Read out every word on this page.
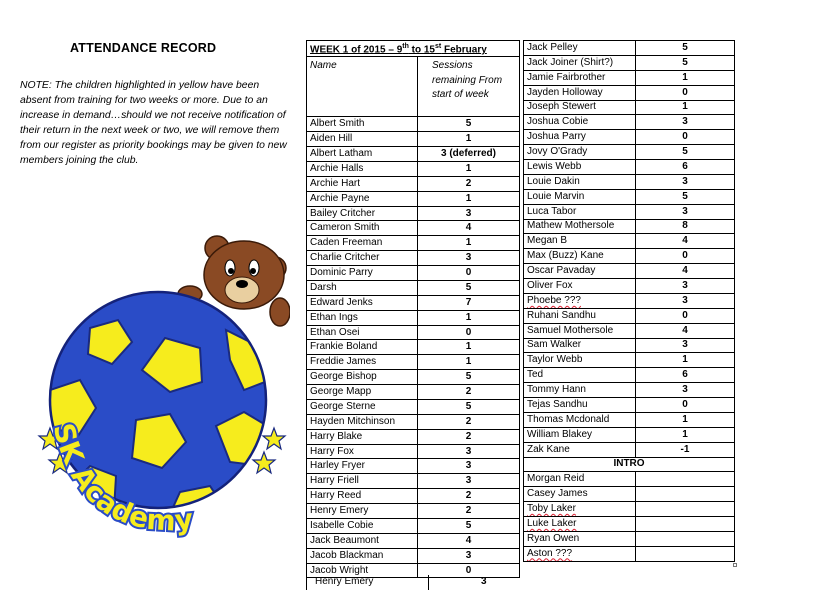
ATTENDANCE RECORD
NOTE: The children highlighted in yellow have been absent from training for two weeks or more. Due to an increase in demand…should we not receive notification of their return in the next week or two, we will remove them from our register as priority bookings may be given to new members joining the club.
SK Academy
WEEK 1 of 2015 – 9th to 15st February	
Name	Sessions remaining From start of week
Albert Smith	5
Aiden Hill	1
Albert Latham	3 (deferred)
Archie Halls	1
Archie Hart	2
Archie Payne	1
Bailey Critcher	3
Cameron Smith	4
Caden Freeman	1
Charlie Critcher	3
Dominic Parry	0
Darsh	5
Edward Jenks	7
Ethan Ings	1
Ethan Osei	0
Frankie Boland	1
Freddie James	1
George Bishop	5
George Mapp	2
George Sterne	5
Hayden Mitchinson	2
Harry Blake	2
Harry Fox	3
Harley Fryer	3
Harry Friell	3
Harry Reed	2
Henry Emery	2
Isabelle Cobie	5
Jack Beaumont	4
Jacob Blackman	3
Jacob Wright	0
Henry Emery	3
Jack Pelley	5
Jack Joiner (Shirt?)	5
Jamie Fairbrother	1
Jayden Holloway	0
Joseph Stewert	1
Joshua Cobie	3
Joshua Parry	0
Jovy O'Grady	5
Lewis Webb	6
Louie Dakin	3
Louie Marvin	5
Luca Tabor	3
Mathew Mothersole	8
Megan B	4
Max (Buzz) Kane	0
Oscar Pavaday	4
Oliver Fox	3
Phoebe ???	3
Ruhani Sandhu	0
Samuel Mothersole	4
Sam Walker	3
Taylor Webb	1
Ted	6
Tommy Hann	3
Tejas Sandhu	0
Thomas Mcdonald	1
William Blakey	1
Zak Kane	-1
INTRO	
Morgan Reid	
Casey James	
Toby Laker	
Luke Laker	
Ryan Owen	
Aston ???	
